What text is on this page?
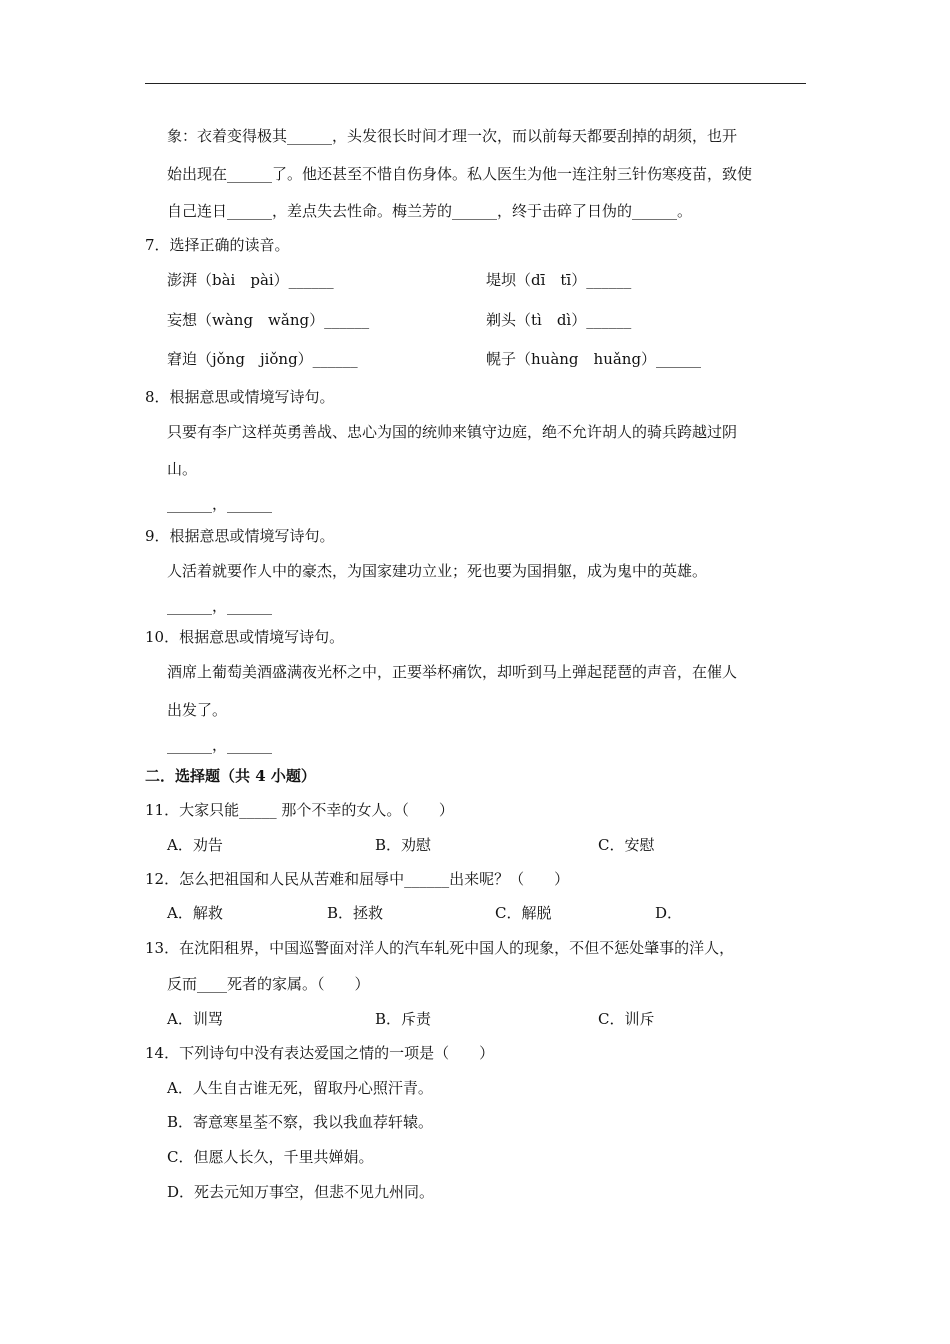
象：衣着变得极其______，头发很长时间才理一次，而以前每天都要刮掉的胡须，也开
始出现在______了。他还甚至不惜自伤身体。私人医生为他一连注射三针伤寒疫苗，致使
自己连日______，差点失去性命。梅兰芳的______，终于击碎了日伪的______。
7．选择正确的读音。
澎湃（bài　pài）______	堤坝（dī　tī）______
妄想（wàng　wǎng）______	剃头（tì　dì）______
窘迫（jǒng　jiǒng）______	幌子（huàng　huǎng）______
8．根据意思或情境写诗句。
只要有李广这样英勇善战、忠心为国的统帅来镇守边庭，绝不允许胡人的骑兵跨越过阴
山。
______，______
9．根据意思或情境写诗句。
人活着就要作人中的豪杰，为国家建功立业；死也要为国捐躯，成为鬼中的英雄。
______，______
10．根据意思或情境写诗句。
酒席上葡萄美酒盛满夜光杯之中，正要举杯痛饮，却听到马上弹起琵琶的声音，在催人
出发了。
______，______
二．选择题（共 4 小题）
11．大家只能_____ 那个不幸的女人。（　　）
A．劝告	B．劝慰	C．安慰
12．怎么把祖国和人民从苦难和屈辱中______出来呢？（　　）
A．解救	B．拯救	C．解脱	D．
13．在沈阳租界，中国巡警面对洋人的汽车轧死中国人的现象，不但不惩处肇事的洋人，
反而____死者的家属。（　　）
A．训骂	B．斥责	C．训斥
14．下列诗句中没有表达爱国之情的一项是（　　）
A．人生自古谁无死，留取丹心照汗青。
B．寄意寒星荃不察，我以我血荐轩辕。
C．但愿人长久，千里共婵娟。
D．死去元知万事空，但悲不见九州同。
